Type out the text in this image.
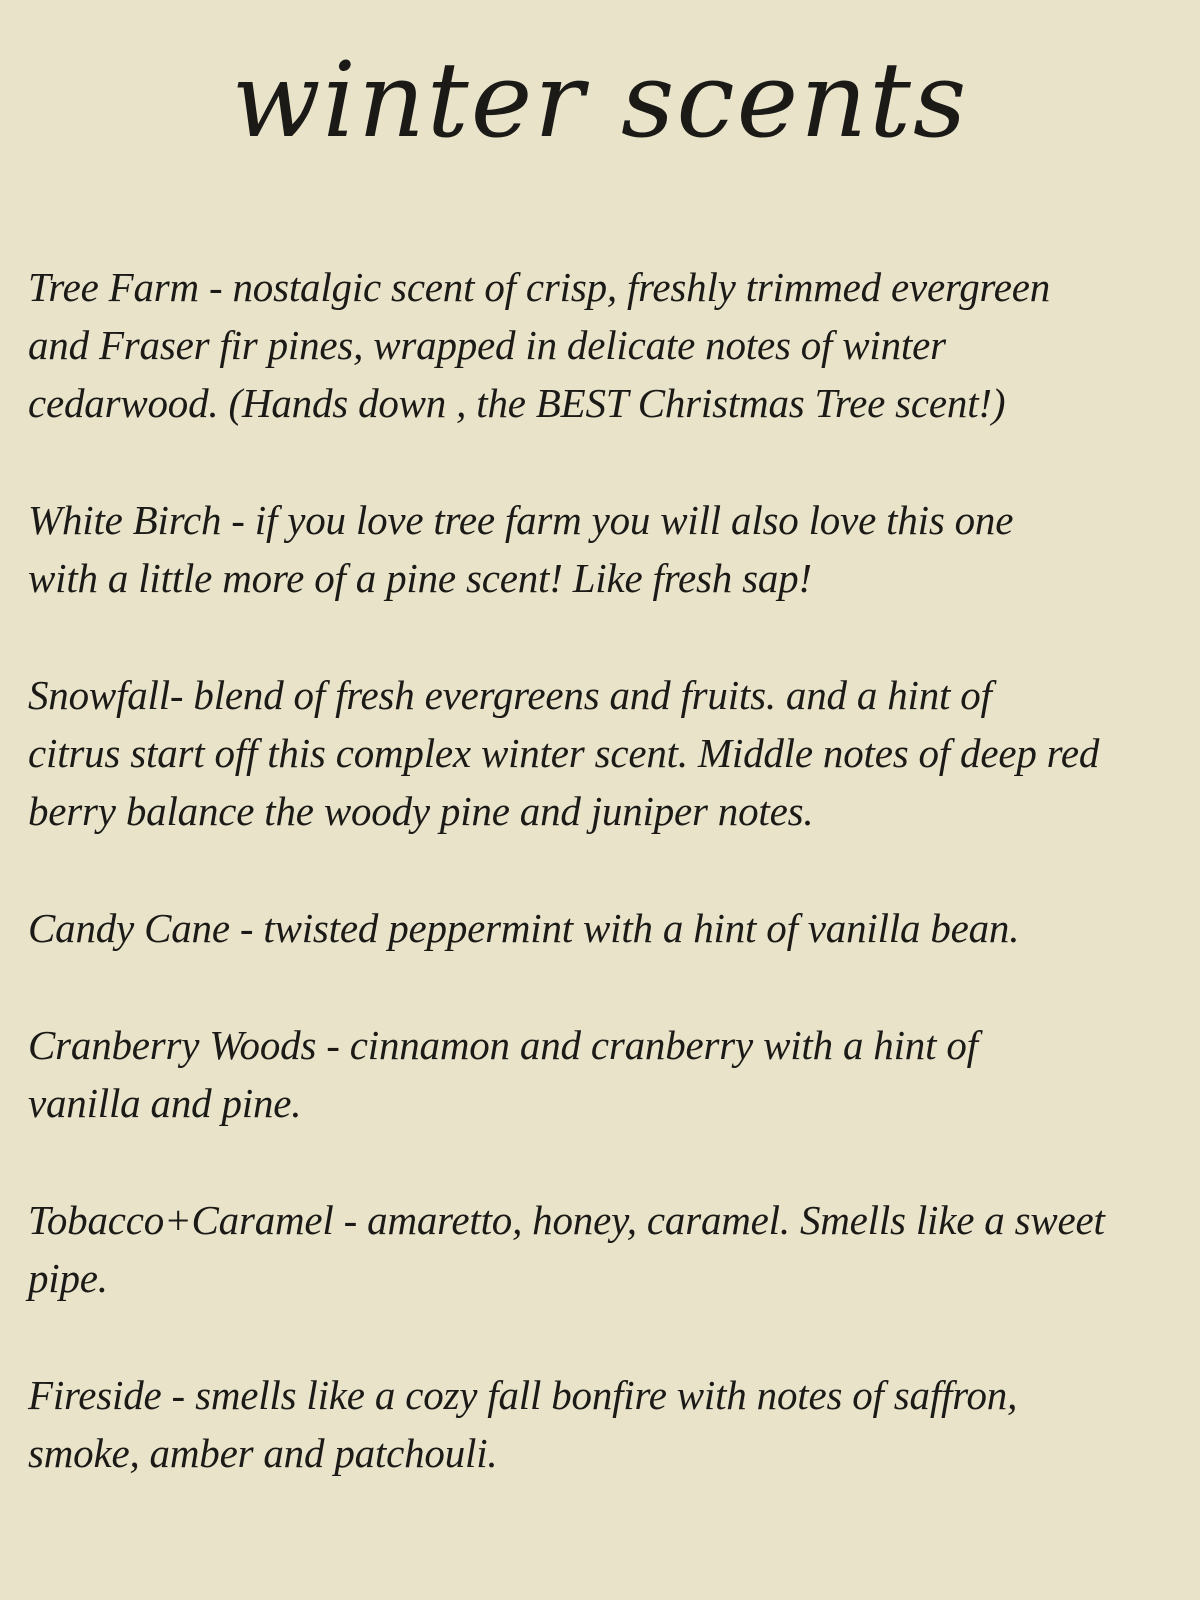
winter scents

Tree Farm - nostalgic scent of crisp, freshly trimmed evergreen
and Fraser fir pines, wrapped in delicate notes of winter
cedarwood. (Hands down , the BEST Christmas Tree scent!)

White Birch - if you love tree farm you will also love this one
with a little more of a pine scent! Like fresh sap!

Snowfall- blend of fresh evergreens and fruits. and a hint of
citrus start off this complex winter scent. Middle notes of deep red
berry balance the woody pine and juniper notes.

Candy Cane - twisted peppermint with a hint of vanilla bean.

Cranberry Woods - cinnamon and cranberry with a hint of
vanilla and pine.

Tobacco+Caramel - amaretto, honey, caramel. Smells like a sweet
pipe.

Fireside - smells like a cozy fall bonfire with notes of saffron,
smoke, amber and patchouli.
